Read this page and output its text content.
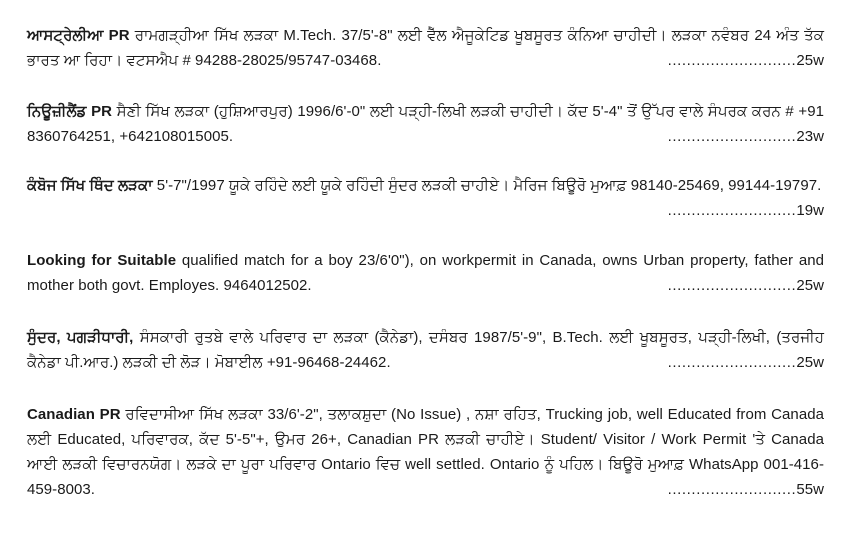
ਆਸਟ੍ਰੇਲੀਆ PR ਰਾਮਗੜ੍ਹੀਆ ਸਿੱਖ ਲੜਕਾ M.Tech. 37/5'-8" ਲਈ ਵੈੱਲ ਐਜੂਕੇਟਿਡ ਖੂਬਸੂਰਤ ਕੰਨਿਆ ਚਾਹੀਦੀ। ਲੜਕਾ ਨਵੰਬਰ 24 ਅੰਤ ਤੱਕ ਭਾਰਤ ਆ ਰਿਹਾ। ਵਟਸਐਪ # 94288-28025/95747-03468.	...........................25w

ਨਿਊਜ਼ੀਲੈਂਡ PR ਸੈਣੀ ਸਿੱਖ ਲੜਕਾ (ਹੁਸ਼ਿਆਰਪੁਰ) 1996/6'-0" ਲਈ ਪੜ੍ਹੀ-ਲਿਖੀ ਲੜਕੀ ਚਾਹੀਦੀ। ਕੱਦ 5'-4" ਤੋਂ ਉੱਪਰ ਵਾਲੇ ਸੰਪਰਕ ਕਰਨ # +91 8360764251, +642108015005.	...........................23w

ਕੰਬੋਜ ਸਿੱਖ ਥਿੰਦ ਲੜਕਾ 5'-7"/1997 ਯੂਕੇ ਰਹਿੰਦੇ ਲਈ ਯੂਕੇ ਰਹਿੰਦੀ ਸੁੰਦਰ ਲੜਕੀ ਚਾਹੀਏ। ਮੈਰਿਜ ਬਿਊਰੋ ਮੁਆਫ਼ 98140-25469, 99144-19797.
...........................19w

Looking for Suitable qualified match for a boy 23/6'0"), on workpermit in Canada, owns Urban property, father and mother both govt. Employes. 9464012502.	...........................25w

ਸੁੰਦਰ, ਪਗੜੀਧਾਰੀ, ਸੰਸਕਾਰੀ ਰੁਤਬੇ ਵਾਲੇ ਪਰਿਵਾਰ ਦਾ ਲੜਕਾ (ਕੈਨੇਡਾ), ਦਸੰਬਰ 1987/5'-9", B.Tech. ਲਈ ਖੂਬਸੂਰਤ, ਪੜ੍ਹੀ-ਲਿਖੀ, (ਤਰਜੀਹ ਕੈਨੇਡਾ ਪੀ.ਆਰ.) ਲੜਕੀ ਦੀ ਲੋੜ। ਮੋਬਾਈਲ +91-96468-24462.	...........................25w

Canadian PR ਰਵਿਦਾਸੀਆ ਸਿੱਖ ਲੜਕਾ 33/6'-2", ਤਲਾਕਸ਼ੁਦਾ (No Issue) , ਨਸ਼ਾ ਰਹਿਤ, Trucking job, well Educated from Canada ਲਈ Educated, ਪਰਿਵਾਰਕ, ਕੱਦ 5'-5"+, ਉਮਰ 26+, Canadian PR ਲੜਕੀ ਚਾਹੀਏ। Student/ Visitor / Work Permit 'ਤੇ Canada ਆਈ ਲੜਕੀ ਵਿਚਾਰਨਯੋਗ। ਲੜਕੇ ਦਾ ਪੂਰਾ ਪਰਿਵਾਰ Ontario ਵਿਚ well settled. Ontario ਨੂੰ ਪਹਿਲ। ਬਿਊਰੋ ਮੁਆਫ਼ WhatsApp 001-416-459-8003.	...........................55w
